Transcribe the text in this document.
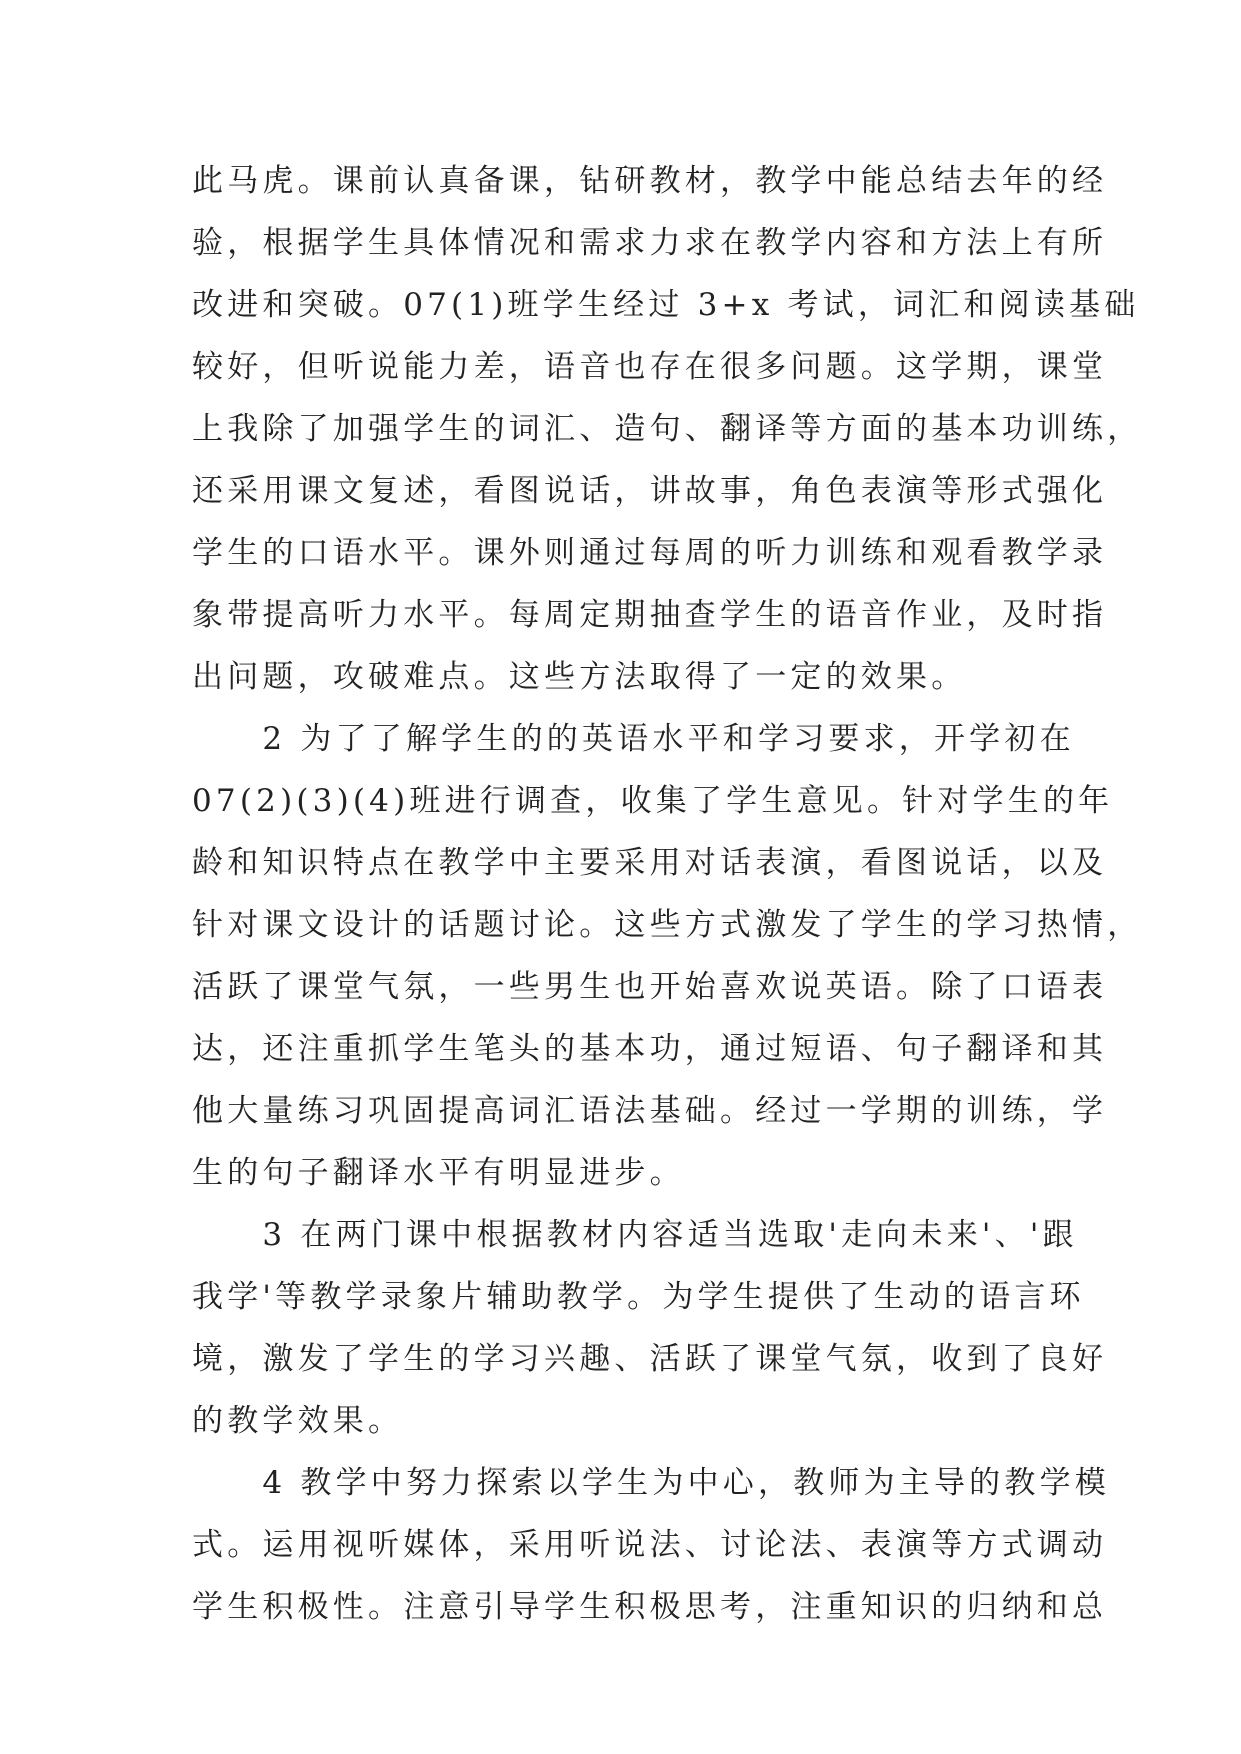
此马虎。课前认真备课，钻研教材，教学中能总结去年的经
验，根据学生具体情况和需求力求在教学内容和方法上有所
改进和突破。07(1)班学生经过 3+x 考试，词汇和阅读基础
较好，但听说能力差，语音也存在很多问题。这学期，课堂
上我除了加强学生的词汇、造句、翻译等方面的基本功训练，
还采用课文复述，看图说话，讲故事，角色表演等形式强化
学生的口语水平。课外则通过每周的听力训练和观看教学录
象带提高听力水平。每周定期抽查学生的语音作业，及时指
出问题，攻破难点。这些方法取得了一定的效果。
　　2 为了了解学生的的英语水平和学习要求，开学初在
07(2)(3)(4)班进行调查，收集了学生意见。针对学生的年
龄和知识特点在教学中主要采用对话表演，看图说话，以及
针对课文设计的话题讨论。这些方式激发了学生的学习热情，
活跃了课堂气氛，一些男生也开始喜欢说英语。除了口语表
达，还注重抓学生笔头的基本功，通过短语、句子翻译和其
他大量练习巩固提高词汇语法基础。经过一学期的训练，学
生的句子翻译水平有明显进步。
　　3 在两门课中根据教材内容适当选取'走向未来'、'跟
我学'等教学录象片辅助教学。为学生提供了生动的语言环
境，激发了学生的学习兴趣、活跃了课堂气氛，收到了良好
的教学效果。
　　4 教学中努力探索以学生为中心，教师为主导的教学模
式。运用视听媒体，采用听说法、讨论法、表演等方式调动
学生积极性。注意引导学生积极思考，注重知识的归纳和总
